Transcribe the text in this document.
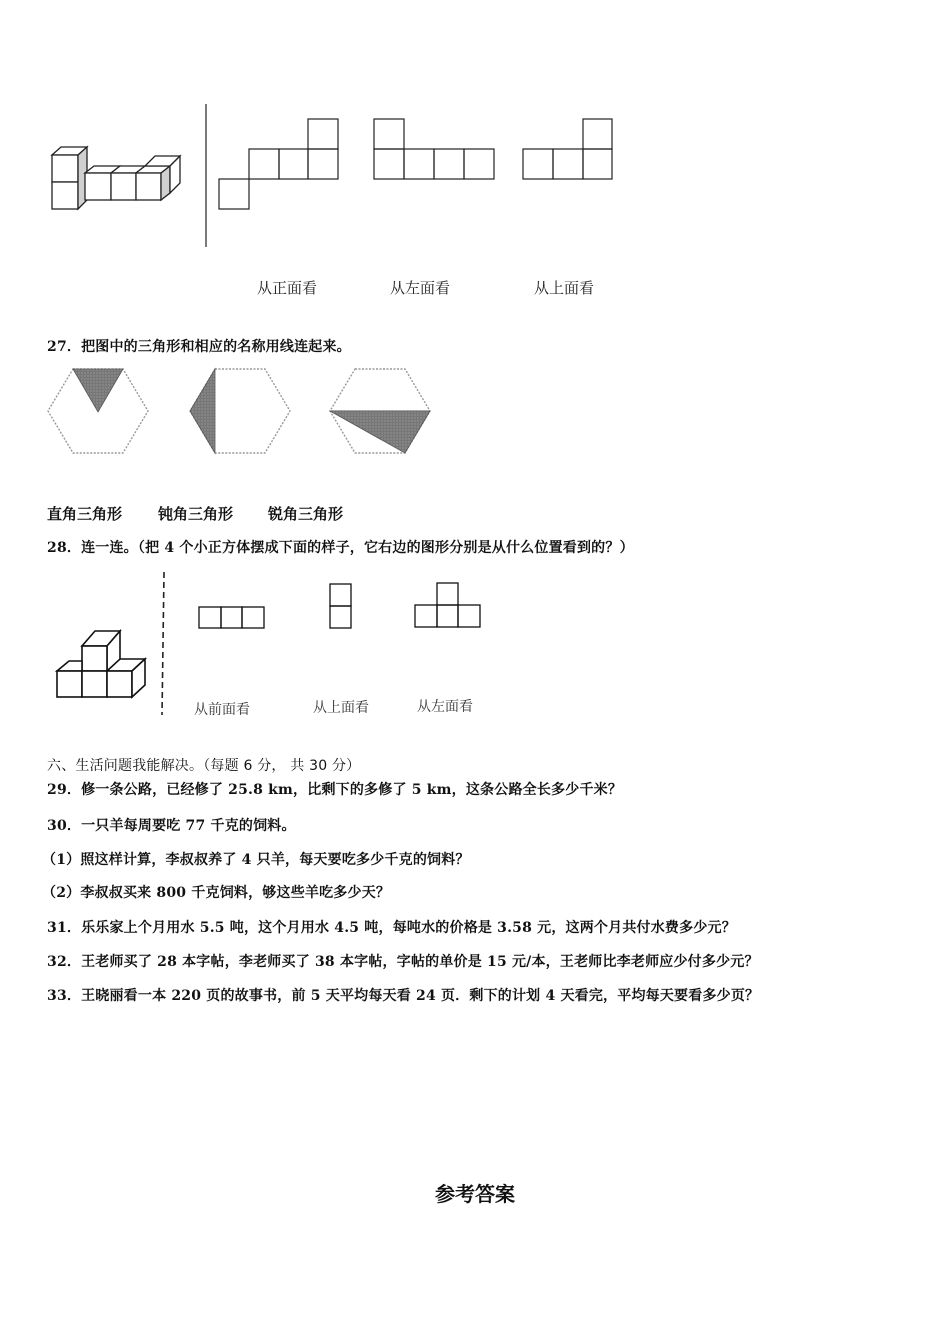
从正面看	从左面看	从上面看
27．把图中的三角形和相应的名称用线连起来。
直角三角形 钝角三角形 锐角三角形
28．连一连。（把 4 个小正方体摆成下面的样子，它右边的图形分别是从什么位置看到的？）
从前面看	从上面看	从左面看
六、生活问题我能解决。（每题 6 分， 共 30 分）
29．修一条公路，已经修了 25.8 km，比剩下的多修了 5 km，这条公路全长多少千米？
30．一只羊每周要吃 77 千克的饲料。
（1）照这样计算，李叔叔养了 4 只羊，每天要吃多少千克的饲料？
（2）李叔叔买来 800 千克饲料，够这些羊吃多少天？
31．乐乐家上个月用水 5.5 吨，这个月用水 4.5 吨，每吨水的价格是 3.58 元，这两个月共付水费多少元？
32．王老师买了 28 本字帖，李老师买了 38 本字帖，字帖的单价是 15 元/本，王老师比李老师应少付多少元？
33．王晓丽看一本 220 页的故事书，前 5 天平均每天看 24 页．剩下的计划 4 天看完，平均每天要看多少页？
参考答案
